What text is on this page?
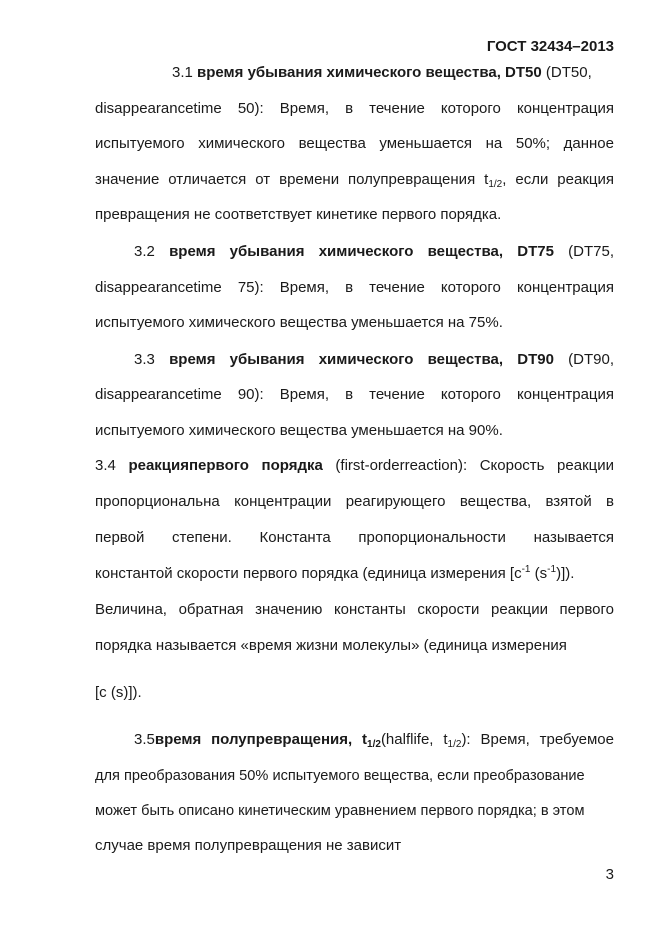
ГОСТ 32434–2013
3.1 время убывания химического вещества, DT50 (DT50,
disappearancetime 50): Время, в течение которого концентрация
испытуемого химического вещества уменьшается на 50%; данное
значение отличается от времени полупревращения $t_{1/2}$, если реакция
превращения не соответствует кинетике первого порядка.
3.2 время убывания химического вещества, DT75 (DT75,
disappearancetime 75): Время, в течение которого концентрация
испытуемого химического вещества уменьшается на 75%.
3.3 время убывания химического вещества, DT90 (DT90,
disappearancetime 90): Время, в течение которого концентрация
испытуемого химического вещества уменьшается на 90%.
3.4 реакцияпервого порядка (first-orderreaction): Скорость реакции
пропорциональна концентрации реагирующего вещества, взятой в
первой степени. Константа пропорциональности называется
константой скорости первого порядка (единица измерения [$с^{-1}$ $(s^{-1})$]).
Величина, обратная значению константы скорости реакции первого
порядка называется «время жизни молекулы» (единица измерения
[с (s)]).
3.5время полупревращения, $t_{1/2}(halflife$, $t_{1/2}$): Время, требуемое
для преобразования 50% испытуемого вещества, если преобразование
может быть описано кинетическим уравнением первого порядка; в этом
случае время полупревращения не зависит
3
